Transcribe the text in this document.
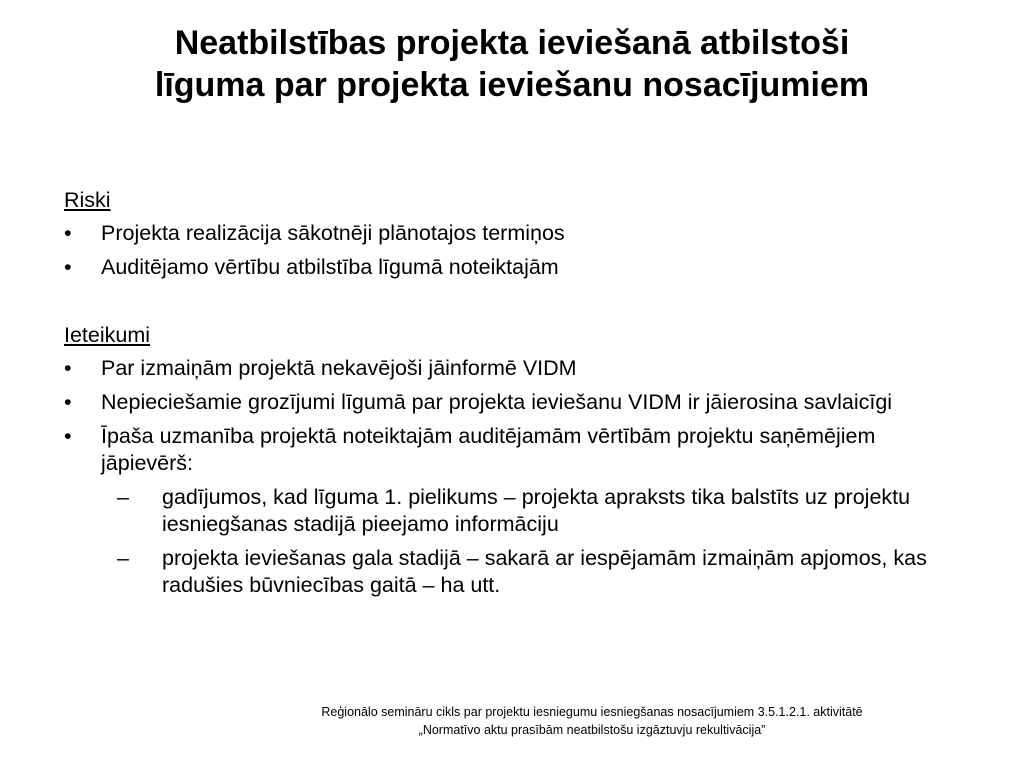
Neatbilstības projekta ieviešanā atbilstoši
līguma par projekta ieviešanu nosacījumiem
Riski
• Projekta realizācija sākotnēji plānotajos termiņos
• Auditējamo vērtību atbilstība līgumā noteiktajām
Ieteikumi
• Par izmaiņām projektā nekavējoši jāinformē VIDM
• Nepieciešamie grozījumi līgumā par projekta ieviešanu VIDM ir jāierosina savlaicīgi
• Īpaša uzmanība projektā noteiktajām auditējamām vērtībām projektu saņēmējiem jāpievērš:
– gadījumos, kad līguma 1. pielikums – projekta apraksts tika balstīts uz projektu iesniegšanas stadijā pieejamo informāciju
– projekta ieviešanas gala stadijā – sakarā ar iespējamām izmaiņām apjomos, kas radušies būvniecības gaitā – ha utt.
Reģionālo semināru cikls par projektu iesniegumu iesniegšanas nosacījumiem 3.5.1.2.1. aktivitātē
„Normatīvo aktu prasībām neatbilstošu izgāztuvju rekultivācija”
